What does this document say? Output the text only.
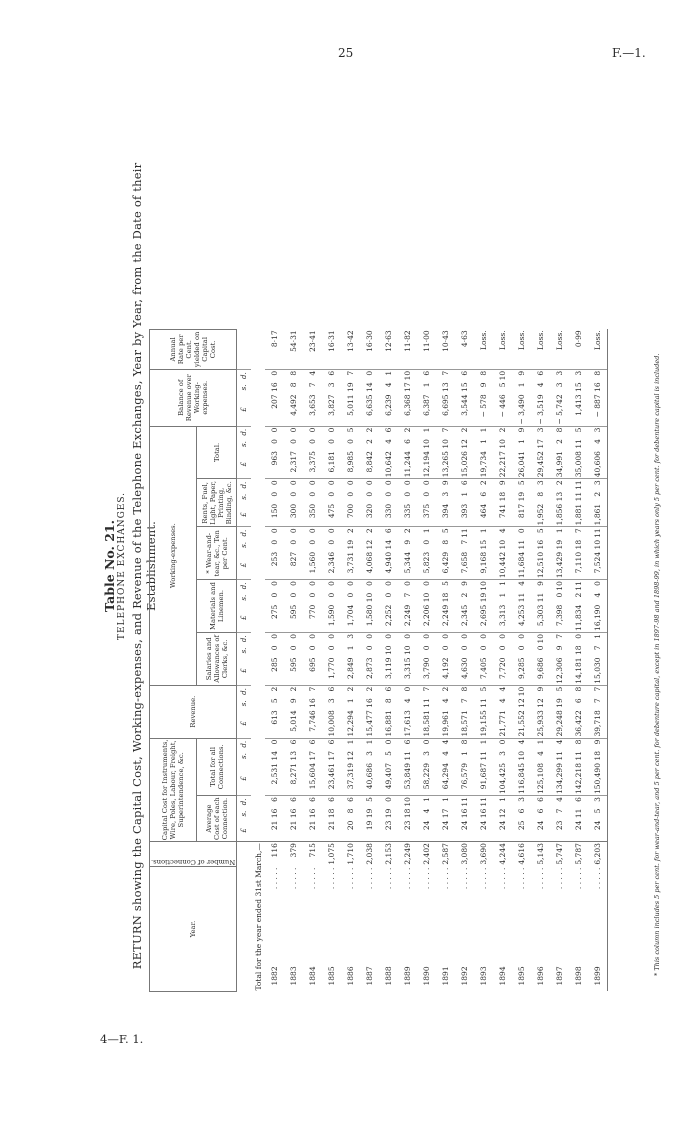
25	F.—1.
4—F. 1.
Table No. 21. TELEPHONE EXCHANGES. RETURN showing the Capital Cost, Working-expenses, and Revenue of the Telephone Exchanges, Year by Year, from the Date of their Establishment.
Year.		Number of Connections.	Capital Cost for Instruments, Wire, Poles, Labour, Freight, Superintendence, &c.						Revenue.			Working-expenses.															Balance of Revenue over Working-expenses.			Annual Rate per Cent. yielded on Capital Cost.
			Average Cost of each Connection.			Total for all Connections.						Salaries and Allowances of Clerks, &c.			Materials and Linemen.			* Wear-and-tear, &c., Ten per Cent.			Rents, Fuel, Light, Paper, Printing, Binding, &c.			Total.						
			£	s.	d.	£	s.	d.	£	s.	d.	£	s.	d.	£	s.	d.	£	s.	d.	£	s.	d.	£	s.	d.	£	s.	d.	
Total for the year ended 31st March,—																														
1882	. . . . .	116	21	16	6	2,531	14	0	613	5	2	285	0	0	275	0	0	253	0	0	150	0	0	963	0	0	207	16	0	8·17
1883	. . . . .	379	21	16	6	8,271	13	6	5,014	9	2	595	0	0	595	0	0	827	0	0	300	0	0	2,317	0	0	4,492	8	8	54·31
1884	. . . . .	715	21	16	6	15,604	17	6	7,746	16	7	695	0	0	770	0	0	1,560	0	0	350	0	0	3,375	0	0	3,653	7	4	23·41
1885	. . . . .	1,075	21	18	6	23,461	17	6	10,008	3	6	1,770	0	0	1,590	0	0	2,346	0	0	475	0	0	6,181	0	0	3,827	3	6	16·31
1886	. . . . .	1,710	20	8	6	37,319	12	1	12,294	1	2	2,849	1	3	1,704	0	0	3,731	19	2	700	0	0	8,985	0	5	5,011	19	7	13·42
1887	. . . . .	2,038	19	19	5	40,686	3	1	15,477	16	2	2,873	0	0	1,580	10	0	4,068	12	2	320	0	0	8,842	2	2	6,635	14	0	16·30
1888	. . . . .	2,153	23	19	0	49,407	5	0	16,881	8	6	3,119	10	0	2,252	0	0	4,940	14	6	330	0	0	10,642	4	6	6,239	4	1	12·63
1889	. . . . .	2,249	23	18	10	53,849	11	6	17,613	4	0	3,315	10	0	2,249	7	0	5,344	9	2	335	0	0	11,244	6	2	6,368	17	10	11·82
1890	. . . . .	2,402	24	4	1	58,229	3	0	18,581	11	7	3,790	0	0	2,206	10	0	5,823	0	1	375	0	0	12,194	10	1	6,387	1	6	11·00
1891	. . . . .	2,587	24	17	1	64,294	4	4	19,961	4	2	4,192	0	0	2,249	18	5	6,429	8	5	394	3	9	13,265	10	7	6,695	13	7	10·43
1892	. . . . .	3,080	24	16	11	76,579	1	8	18,571	7	8	4,630	0	0	2,345	2	9	7,658	7	11	393	1	6	15,026	12	2	3,544	15	6	4·63
1893	. . . . .	3,690	24	16	11	91,687	11	1	19,155	11	5	7,405	0	0	2,695	19	10	9,168	15	1	464	6	2	19,734	1	1	− 578	9	8	Loss.
1894	. . . . .	4,244	24	12	1	104,425	3	0	21,771	4	4	7,720	0	0	3,313	1	1	10,442	10	4	741	18	9	22,217	10	2	− 446	5	10	Loss.
1895	. . . . .	4,616	25	6	3	116,845	10	4	21,552	12	10	9,285	0	0	4,253	11	4	11,684	11	0	817	19	5	26,041	1	9	− 3,490	1	9	Loss.
1896	. . . . .	5,143	24	6	6	125,108	4	1	25,933	12	9	9,686	0	10	5,303	11	9	12,510	16	5	1,952	8	3	29,452	17	3	− 3,519	4	6	Loss.
1897	. . . . .	5,747	23	7	4	134,299	11	4	29,248	19	5	12,306	9	7	7,398	0	10	13,429	19	1	1,856	13	2	34,991	2	8	− 5,742	3	3	Loss.
1898	. . . . .	5,787	24	11	6	142,218	11	8	36,422	6	8	14,181	18	0	11,834	2	11	7,110	18	7	1,881	11	11	35,008	11	5	1,413	15	3	0·99
1899	. . . . .	6,203	24	5	3	150,490	18	9	39,718	7	7	15,030	7	1	16,190	4	0	7,524	10	11	1,861	2	3	40,606	4	3	− 887	16	8	Loss.
* This column includes 5 per cent. for wear-and-tear, and 5 per cent. for debenture capital, except in 1897-98 and 1898-99, in which years only 5 per cent. for debenture capital is included.
